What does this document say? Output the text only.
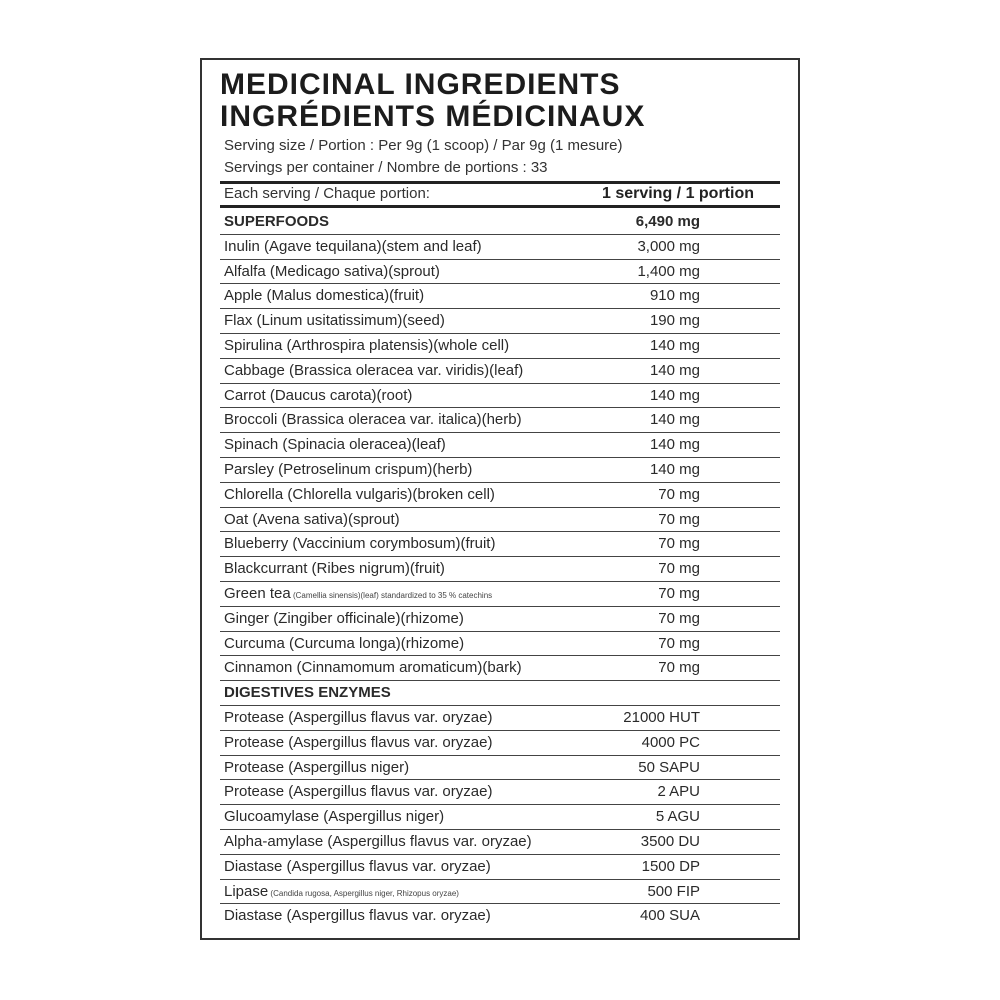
MEDICINAL INGREDIENTS
INGRÉDIENTS MÉDICINAUX
Serving size / Portion : Per 9g (1 scoop) / Par 9g (1 mesure)
Servings per container / Nombre de portions : 33
Each serving / Chaque portion:	1 serving / 1 portion
SUPERFOODS	6,490 mg
Inulin (Agave tequilana)(stem and leaf)	3,000 mg
Alfalfa (Medicago sativa)(sprout)	1,400 mg
Apple (Malus domestica)(fruit)	910 mg
Flax (Linum usitatissimum)(seed)	190 mg
Spirulina (Arthrospira platensis)(whole cell)	140 mg
Cabbage (Brassica oleracea var. viridis)(leaf)	140 mg
Carrot (Daucus carota)(root)	140 mg
Broccoli (Brassica oleracea var. italica)(herb)	140 mg
Spinach (Spinacia oleracea)(leaf)	140 mg
Parsley (Petroselinum crispum)(herb)	140 mg
Chlorella (Chlorella vulgaris)(broken cell)	70 mg
Oat (Avena sativa)(sprout)	70 mg
Blueberry (Vaccinium corymbosum)(fruit)	70 mg
Blackcurrant (Ribes nigrum)(fruit)	70 mg
Green tea (Camellia sinensis)(leaf) standardized to 35 % catechins	70 mg
Ginger (Zingiber officinale)(rhizome)	70 mg
Curcuma (Curcuma longa)(rhizome)	70 mg
Cinnamon (Cinnamomum aromaticum)(bark)	70 mg
DIGESTIVES ENZYMES
Protease (Aspergillus flavus var. oryzae)	21000 HUT
Protease (Aspergillus flavus var. oryzae)	4000 PC
Protease (Aspergillus niger)	50 SAPU
Protease (Aspergillus flavus var. oryzae)	2 APU
Glucoamylase (Aspergillus niger)	5 AGU
Alpha-amylase (Aspergillus flavus var. oryzae)	3500 DU
Diastase (Aspergillus flavus var. oryzae)	1500 DP
Lipase (Candida rugosa, Aspergillus niger, Rhizopus oryzae)	500 FIP
Diastase (Aspergillus flavus var. oryzae)	400 SUA
